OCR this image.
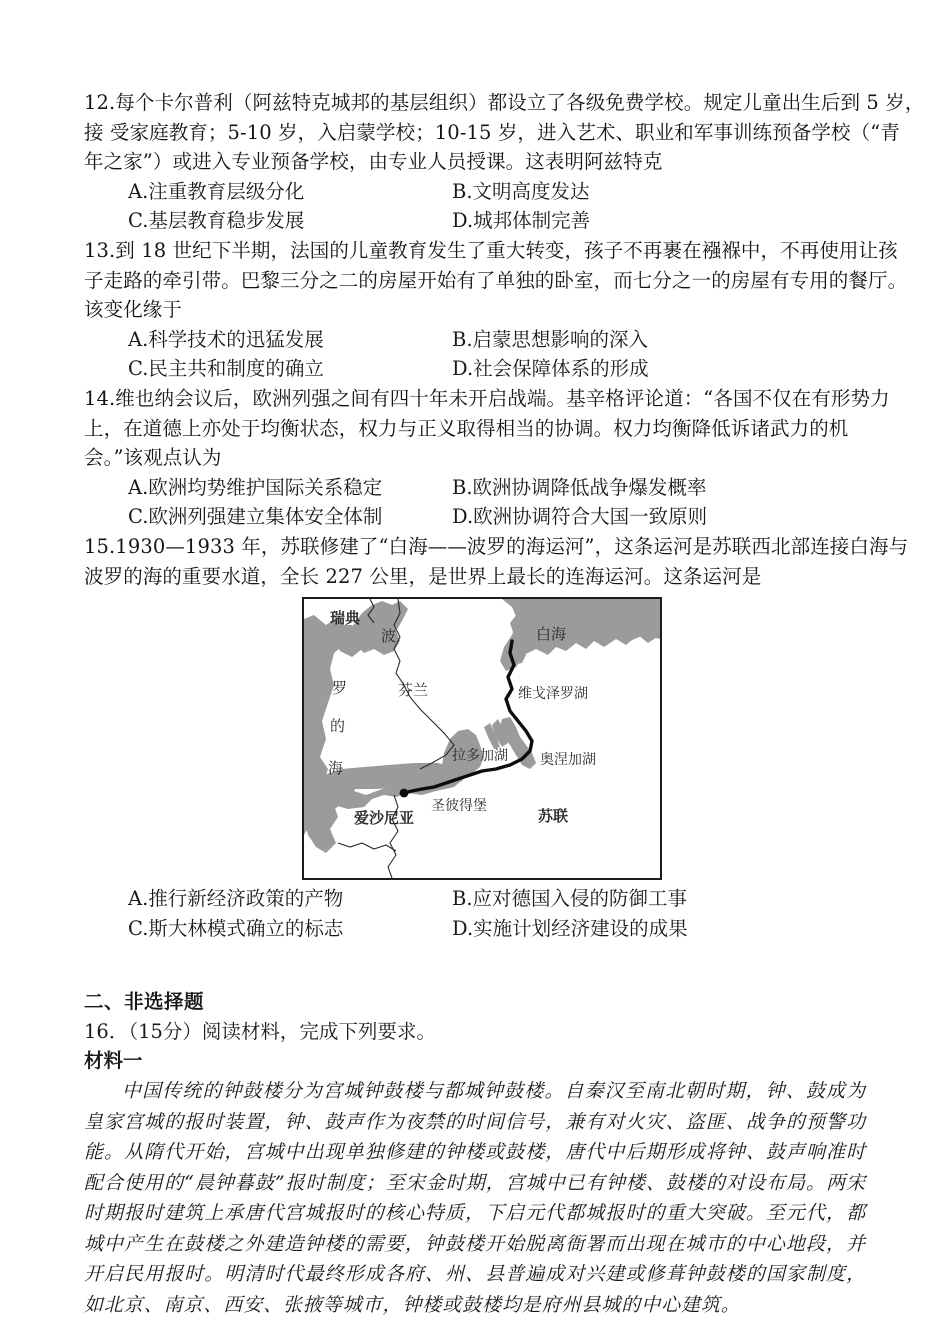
12.每个卡尔普利（阿兹特克城邦的基层组织）都设立了各级免费学校。规定儿童出生后到 5 岁，
接 受家庭教育；5-10 岁，入启蒙学校；10-15 岁，进入艺术、职业和军事训练预备学校（“青
年之家”）或进入专业预备学校，由专业人员授课。这表明阿兹特克
A.注重教育层级分化	B.文明高度发达
C.基层教育稳步发展	D.城邦体制完善
13.到 18 世纪下半期，法国的儿童教育发生了重大转变，孩子不再裹在襁褓中，不再使用让孩
子走路的牵引带。巴黎三分之二的房屋开始有了单独的卧室，而七分之一的房屋有专用的餐厅。
该变化缘于
A.科学技术的迅猛发展	B.启蒙思想影响的深入
C.民主共和制度的确立	D.社会保障体系的形成
14.维也纳会议后，欧洲列强之间有四十年未开启战端。基辛格评论道：“各国不仅在有形势力
上，在道德上亦处于均衡状态，权力与正义取得相当的协调。权力均衡降低诉诸武力的机
会。”该观点认为
A.欧洲均势维护国际关系稳定	B.欧洲协调降低战争爆发概率
C.欧洲列强建立集体安全体制	D.欧洲协调符合大国一致原则
15.1930—1933 年，苏联修建了“白海——波罗的海运河”，这条运河是苏联西北部连接白海与
波罗的海的重要水道，全长 227 公里，是世界上最长的连海运河。这条运河是
瑞典
波
罗
的
海
芬兰
白海
维戈泽罗湖
拉多加湖 奥涅加湖
圣彼得堡
苏联
爱沙尼亚
A.推行新经济政策的产物	B.应对德国入侵的防御工事
C.斯大林模式确立的标志	D.实施计划经济建设的成果
二、非选择题
16．（15分）阅读材料，完成下列要求。
材料一
中国传统的钟鼓楼分为宫城钟鼓楼与都城钟鼓楼。自秦汉至南北朝时期，钟、鼓成为皇家宫城的报时装置，钟、鼓声作为夜禁的时间信号，兼有对火灾、盗匪、战争的预警功能。从隋代开始，宫城中出现单独修建的钟楼或鼓楼，唐代中后期形成将钟、鼓声响准时配合使用的“晨钟暮鼓”报时制度；至宋金时期，宫城中已有钟楼、鼓楼的对设布局。两宋时期报时建筑上承唐代宫城报时的核心特质，下启元代都城报时的重大突破。至元代，都城中产生在鼓楼之外建造钟楼的需要，钟鼓楼开始脱离衙署而出现在城市的中心地段，并开启民用报时。明清时代最终形成各府、州、县普遍成对兴建或修葺钟鼓楼的国家制度，如北京、南京、西安、张掖等城市，钟楼或鼓楼均是府州县城的中心建筑。
